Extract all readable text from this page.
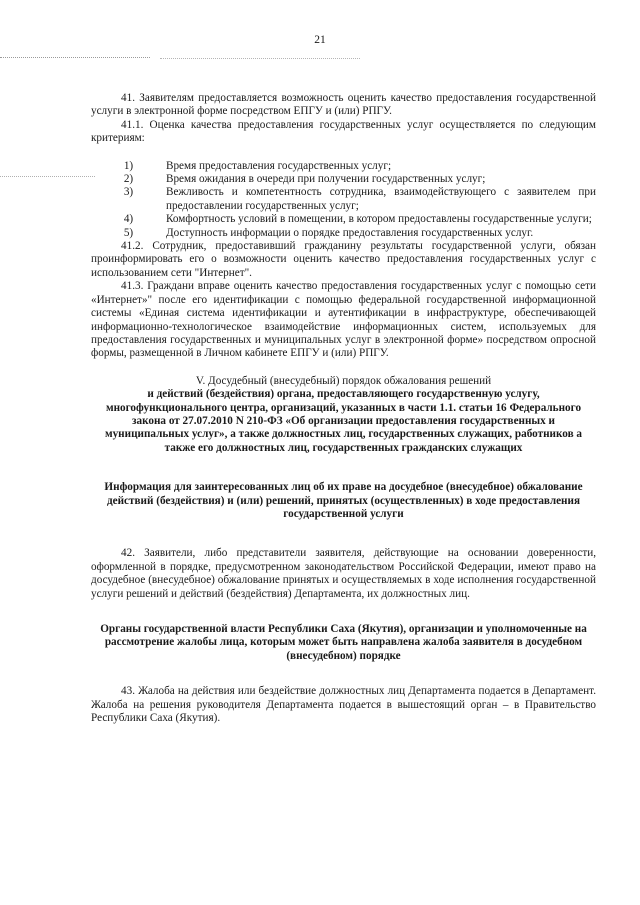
21

41. Заявителям предоставляется возможность оценить качество предоставления государственной услуги в электронной форме посредством ЕПГУ и (или) РПГУ.

41.1. Оценка качества предоставления государственных услуг осуществляется по следующим критериям:

1)	Время предоставления государственных услуг;
2)	Время ожидания в очереди при получении государственных услуг;
3)	Вежливость и компетентность сотрудника, взаимодействующего с заявителем при предоставлении государственных услуг;
4)	Комфортность условий в помещении, в котором предоставлены государственные услуги;
5)	Доступность информации о порядке предоставления государственных услуг.

41.2. Сотрудник, предоставивший гражданину результаты государственной услуги, обязан проинформировать его о возможности оценить качество предоставления государственных услуг с использованием сети "Интернет".

41.3. Граждани вправе оценить качество предоставления государственных услуг с помощью сети «Интернет»" после его идентификации с помощью федеральной государственной информационной системы «Единая система идентификации и аутентификации в инфраструктуре, обеспечивающей информационно-технологическое взаимодействие информационных систем, используемых для предоставления государственных и муниципальных услуг в электронной форме» посредством опросной формы, размещенной в Личном кабинете ЕПГУ и (или) РПГУ.

V. Досудебный (внесудебный) порядок обжалования решений

и действий (бездействия) органа, предоставляющего государственную услугу, многофункционального центра, организаций, указанных в части 1.1. статьи 16 Федерального закона от 27.07.2010 N 210-ФЗ «Об организации предоставления государственных и муниципальных услуг», а также должностных лиц, государственных служащих, работников а также его должностных лиц, государственных гражданских служащих

Информация для заинтересованных лиц об их праве на досудебное (внесудебное) обжалование действий (бездействия) и (или) решений, принятых (осуществленных) в ходе предоставления государственной услуги

42. Заявители, либо представители заявителя, действующие на основании доверенности, оформленной в порядке, предусмотренном законодательством Российской Федерации, имеют право на досудебное (внесудебное) обжалование принятых и осуществляемых в ходе исполнения государственной услуги решений и действий (бездействия) Департамента, их должностных лиц.

Органы государственной власти Республики Саха (Якутия), организации и уполномоченные на рассмотрение жалобы лица, которым может быть направлена жалоба заявителя в досудебном (внесудебном) порядке

43. Жалоба на действия или бездействие должностных лиц Департамента подается в Департамент. Жалоба на решения руководителя Департамента подается в вышестоящий орган – в Правительство Республики Саха (Якутия).
